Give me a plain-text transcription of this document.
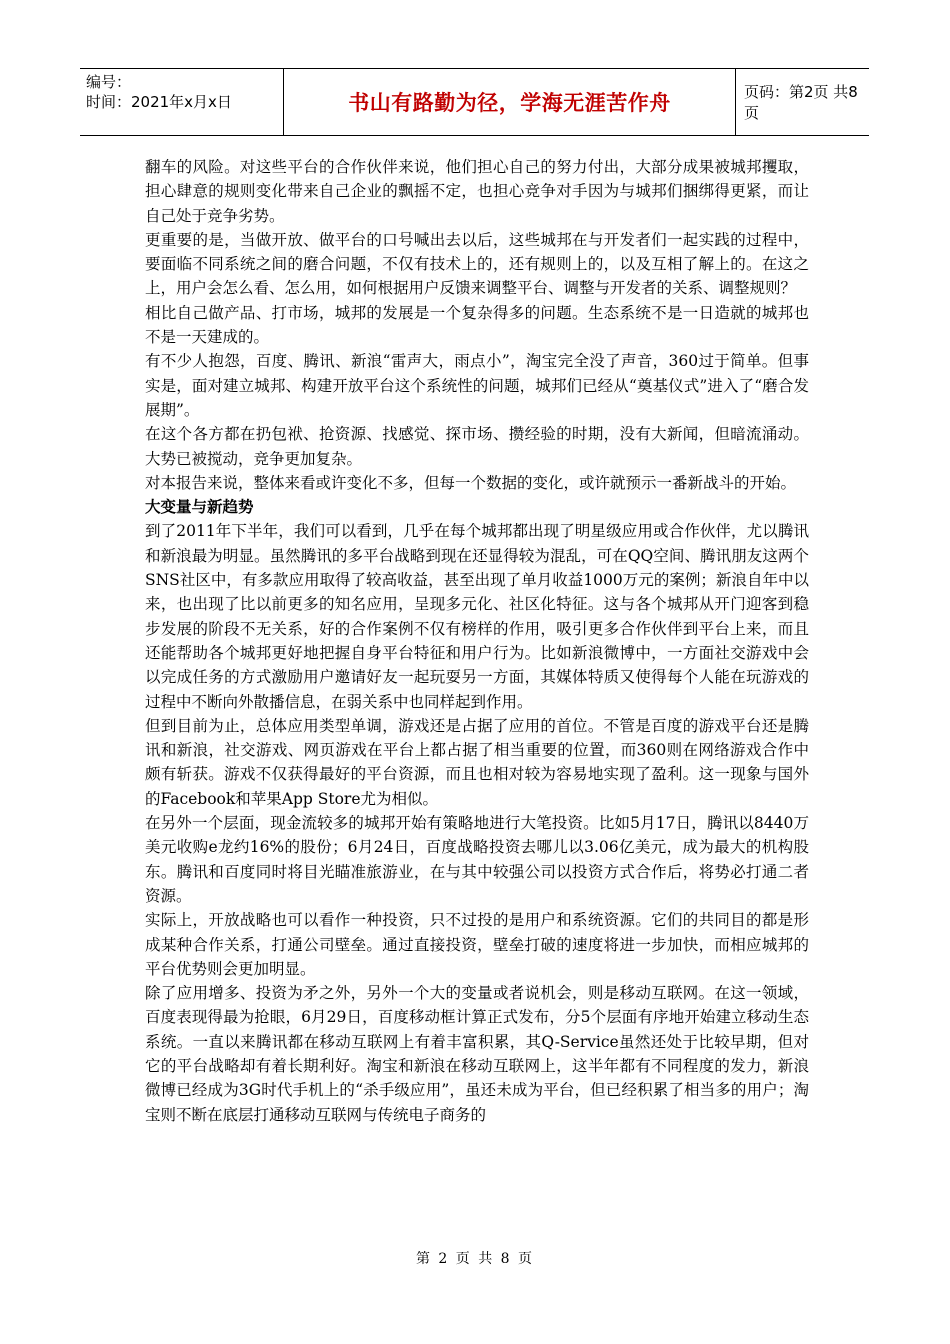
编号：
时间：2021年x月x日	书山有路勤为径，学海无涯苦作舟	页码：第2页 共8页

翻车的风险。对这些平台的合作伙伴来说，他们担心自己的努力付出，大部分成果被城邦攫取，担心肆意的规则变化带来自己企业的飘摇不定，也担心竞争对手因为与城邦们捆绑得更紧，而让自己处于竞争劣势。

更重要的是，当做开放、做平台的口号喊出去以后，这些城邦在与开发者们一起实践的过程中，要面临不同系统之间的磨合问题，不仅有技术上的，还有规则上的，以及互相了解上的。在这之上，用户会怎么看、怎么用，如何根据用户反馈来调整平台、调整与开发者的关系、调整规则？

相比自己做产品、打市场，城邦的发展是一个复杂得多的问题。生态系统不是一日造就的城邦也不是一天建成的。

有不少人抱怨，百度、腾讯、新浪“雷声大，雨点小”，淘宝完全没了声音，360过于简单。但事实是，面对建立城邦、构建开放平台这个系统性的问题，城邦们已经从“奠基仪式”进入了“磨合发展期”。

在这个各方都在扔包袱、抢资源、找感觉、探市场、攒经验的时期，没有大新闻，但暗流涌动。大势已被搅动，竞争更加复杂。

对本报告来说，整体来看或许变化不多，但每一个数据的变化，或许就预示一番新战斗的开始。

大变量与新趋势

到了2011年下半年，我们可以看到，几乎在每个城邦都出现了明星级应用或合作伙伴，尤以腾讯和新浪最为明显。虽然腾讯的多平台战略到现在还显得较为混乱，可在QQ空间、腾讯朋友这两个SNS社区中，有多款应用取得了较高收益，甚至出现了单月收益1000万元的案例；新浪自年中以来，也出现了比以前更多的知名应用，呈现多元化、社区化特征。这与各个城邦从开门迎客到稳步发展的阶段不无关系，好的合作案例不仅有榜样的作用，吸引更多合作伙伴到平台上来，而且还能帮助各个城邦更好地把握自身平台特征和用户行为。比如新浪微博中，一方面社交游戏中会以完成任务的方式激励用户邀请好友一起玩耍另一方面，其媒体特质又使得每个人能在玩游戏的过程中不断向外散播信息，在弱关系中也同样起到作用。

但到目前为止，总体应用类型单调，游戏还是占据了应用的首位。不管是百度的游戏平台还是腾讯和新浪，社交游戏、网页游戏在平台上都占据了相当重要的位置，而360则在网络游戏合作中颇有斩获。游戏不仅获得最好的平台资源，而且也相对较为容易地实现了盈利。这一现象与国外的Facebook和苹果App Store尤为相似。

在另外一个层面，现金流较多的城邦开始有策略地进行大笔投资。比如5月17日，腾讯以8440万美元收购e龙约16%的股份；6月24日，百度战略投资去哪儿以3.06亿美元，成为最大的机构股东。腾讯和百度同时将目光瞄准旅游业，在与其中较强公司以投资方式合作后，将势必打通二者资源。

实际上，开放战略也可以看作一种投资，只不过投的是用户和系统资源。它们的共同目的都是形成某种合作关系，打通公司壁垒。通过直接投资，壁垒打破的速度将进一步加快，而相应城邦的平台优势则会更加明显。

除了应用增多、投资为矛之外，另外一个大的变量或者说机会，则是移动互联网。在这一领域，百度表现得最为抢眼，6月29日，百度移动框计算正式发布，分5个层面有序地开始建立移动生态系统。一直以来腾讯都在移动互联网上有着丰富积累，其Q-Service虽然还处于比较早期，但对它的平台战略却有着长期利好。淘宝和新浪在移动互联网上，这半年都有不同程度的发力，新浪微博已经成为3G时代手机上的“杀手级应用”，虽还未成为平台，但已经积累了相当多的用户；淘宝则不断在底层打通移动互联网与传统电子商务的

第 2 页 共 8 页
